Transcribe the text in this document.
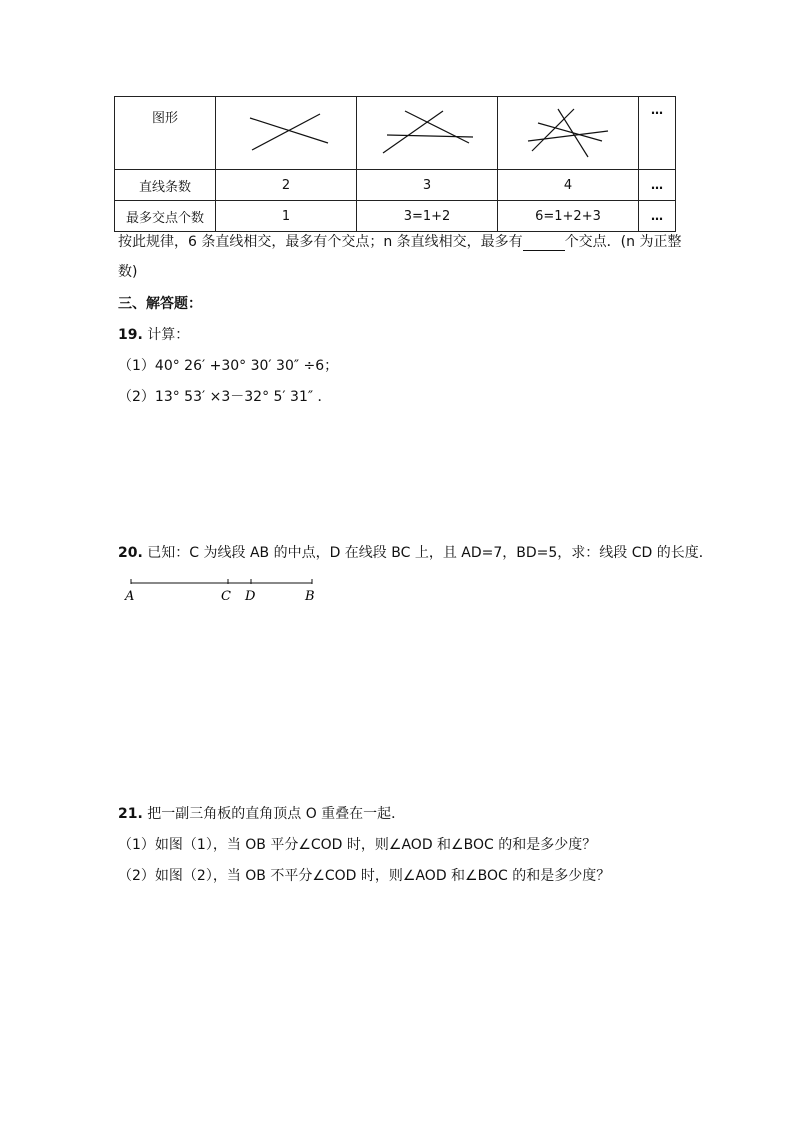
图形				…
直线条数	2	3	4	…
最多交点个数	1	3=1+2	6=1+2+3	…
按此规律，6 条直线相交，最多有个交点；n 条直线相交，最多有	个交点．(n 为正整
数)
三、解答题：
19. 计算：
（1）40° 26′ +30° 30′ 30″ ÷6；
（2）13° 53′ ×3－32° 5′ 31″ ．
20. 已知：C 为线段 AB 的中点，D 在线段 BC 上，且 AD=7，BD=5，求：线段 CD 的长度．
A	C D	B
21. 把一副三角板的直角顶点 O 重叠在一起．
（1）如图（1），当 OB 平分∠COD 时，则∠AOD 和∠BOC 的和是多少度？
（2）如图（2），当 OB 不平分∠COD 时，则∠AOD 和∠BOC 的和是多少度？
